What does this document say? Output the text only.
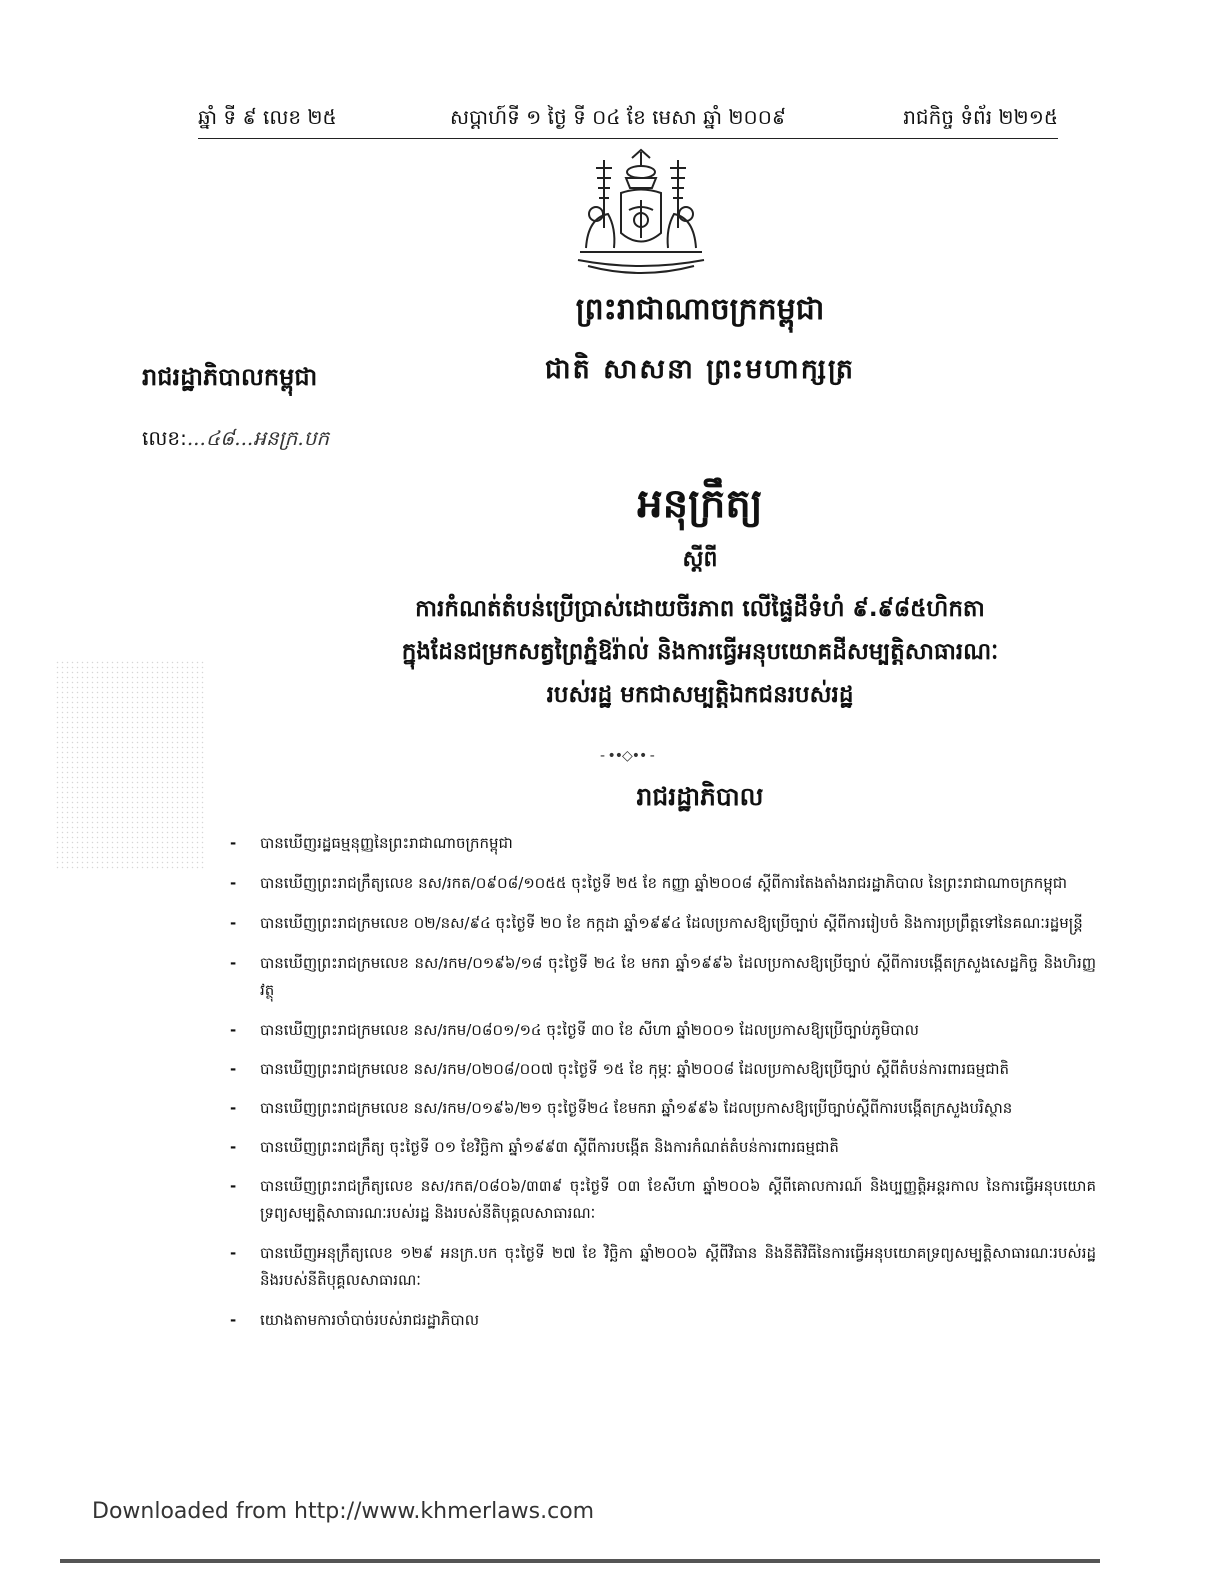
ឆ្នាំ ទី ៩ លេខ ២៥	សប្តាហ៍ទី ១ ថ្ងៃ ទី ០៤ ខែ មេសា ឆ្នាំ ២០០៩	រាជកិច្ច ទំព័រ ២២១៥
ព្រះរាជាណាចក្រកម្ពុជា
ជាតិ សាសនា ព្រះមហាក្សត្រ
រាជរដ្ឋាភិបាលកម្ពុជា
លេខ:...៤៨...អនក្រ.បក
អនុក្រឹត្យ
ស្តីពី
ការកំណត់តំបន់ប្រើប្រាស់ដោយចីរភាព លើផ្ទៃដីទំហំ ៩.៩៨៥ហិកតា
ក្នុងដែនជម្រកសត្វព្រៃភ្នំឱរ៉ាល់ និងការធ្វើអនុបយោគដីសម្បត្តិសាធារណៈ
របស់រដ្ឋ មកជាសម្បត្តិឯកជនរបស់រដ្ឋ
- ••◇•• -
រាជរដ្ឋាភិបាល
- បានឃើញរដ្ឋធម្មនុញ្ញនៃព្រះរាជាណាចក្រកម្ពុជា
- បានឃើញព្រះរាជក្រឹត្យលេខ នស/រកត/០៩០៨/១០៥៥ ចុះថ្ងៃទី ២៥ ខែ កញ្ញា ឆ្នាំ២០០៨ ស្តីពីការតែងតាំងរាជរដ្ឋាភិបាល នៃព្រះរាជាណាចក្រកម្ពុជា
- បានឃើញព្រះរាជក្រមលេខ ០២/នស/៩៤ ចុះថ្ងៃទី ២០ ខែ កក្កដា ឆ្នាំ១៩៩៤ ដែលប្រកាសឱ្យប្រើច្បាប់ ស្តីពីការរៀបចំ និងការប្រព្រឹត្តទៅនៃគណៈរដ្ឋមន្ត្រី
- បានឃើញព្រះរាជក្រមលេខ នស/រកម/០១៩៦/១៨ ចុះថ្ងៃទី ២៤ ខែ មករា ឆ្នាំ១៩៩៦ ដែលប្រកាសឱ្យប្រើច្បាប់ ស្តីពីការបង្កើតក្រសួងសេដ្ឋកិច្ច និងហិរញ្ញវត្ថុ
- បានឃើញព្រះរាជក្រមលេខ នស/រកម/០៨០១/១៤ ចុះថ្ងៃទី ៣០ ខែ សីហា ឆ្នាំ២០០១ ដែលប្រកាសឱ្យប្រើច្បាប់ភូមិបាល
- បានឃើញព្រះរាជក្រមលេខ នស/រកម/០២០៨/០០៧ ចុះថ្ងៃទី ១៥ ខែ កុម្ភៈ ឆ្នាំ២០០៨ ដែលប្រកាសឱ្យប្រើច្បាប់ ស្តីពីតំបន់ការពារធម្មជាតិ
- បានឃើញព្រះរាជក្រមលេខ នស/រកម/០១៩៦/២១ ចុះថ្ងៃទី២៤ ខែមករា ឆ្នាំ១៩៩៦ ដែលប្រកាសឱ្យប្រើច្បាប់ស្តីពីការបង្កើតក្រសួងបរិស្ថាន
- បានឃើញព្រះរាជក្រឹត្យ ចុះថ្ងៃទី ០១ ខែវិច្ឆិកា ឆ្នាំ១៩៩៣ ស្តីពីការបង្កើត និងការកំណត់តំបន់ការពារធម្មជាតិ
- បានឃើញព្រះរាជក្រឹត្យលេខ នស/រកត/០៨០៦/៣៣៩ ចុះថ្ងៃទី ០៣ ខែសីហា ឆ្នាំ២០០៦ ស្តីពីគោលការណ៍ និងប្បញ្ញត្តិអន្តរកាល នៃការធ្វើអនុបយោគទ្រព្យសម្បត្តិសាធារណៈរបស់រដ្ឋ និងរបស់នីតិបុគ្គលសាធារណៈ
- បានឃើញអនុក្រឹត្យលេខ ១២៩ អនក្រ.បក ចុះថ្ងៃទី ២៧ ខែ វិច្ឆិកា ឆ្នាំ២០០៦ ស្តីពីវិធាន និងនីតិវិធីនៃការធ្វើអនុបយោគទ្រព្យសម្បត្តិសាធារណៈរបស់រដ្ឋ និងរបស់នីតិបុគ្គលសាធារណៈ
- យោងតាមការចាំបាច់របស់រាជរដ្ឋាភិបាល
Downloaded from http://www.khmerlaws.com
